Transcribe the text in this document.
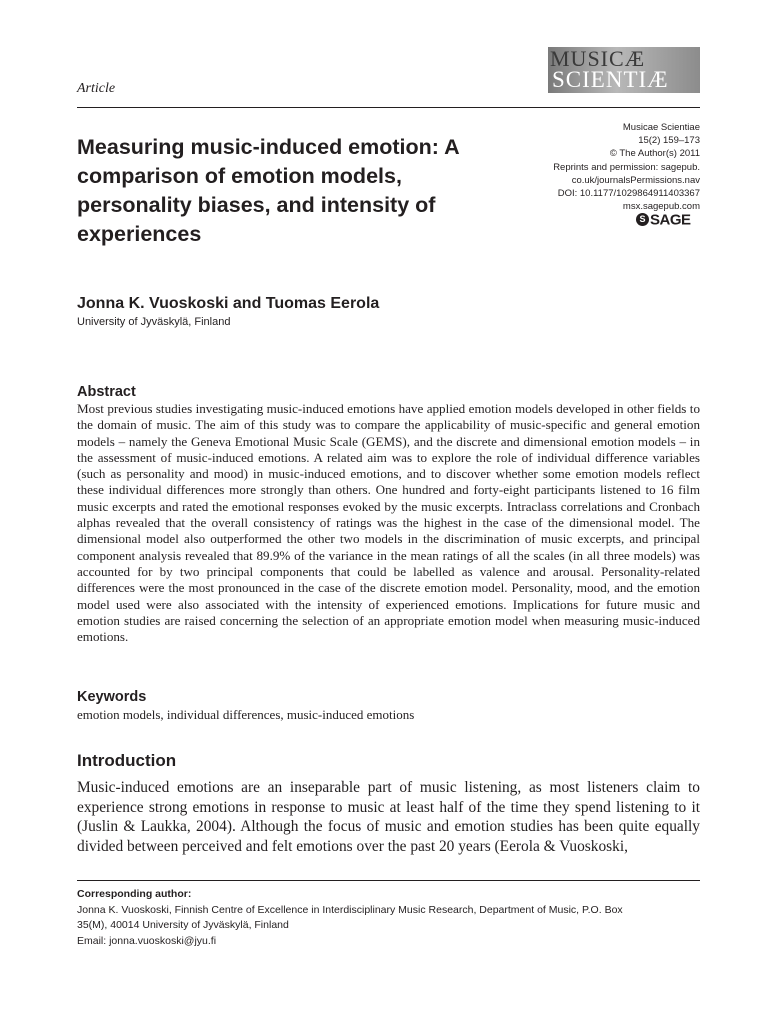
Article
MUSICÆ
SCIENTIÆ
Measuring music-induced emotion: A comparison of emotion models, personality biases, and intensity of experiences
Musicae Scientiae
15(2) 159–173
© The Author(s) 2011
Reprints and permission: sagepub.
co.uk/journalsPermissions.nav
DOI: 10.1177/1029864911403367
msx.sagepub.com
S SAGE
Jonna K. Vuoskoski and Tuomas Eerola
University of Jyväskylä, Finland
Abstract

Most previous studies investigating music-induced emotions have applied emotion models developed in other fields to the domain of music. The aim of this study was to compare the applicability of music-specific and general emotion models – namely the Geneva Emotional Music Scale (GEMS), and the discrete and dimensional emotion models – in the assessment of music-induced emotions. A related aim was to explore the role of individual difference variables (such as personality and mood) in music-induced emotions, and to discover whether some emotion models reflect these individual differences more strongly than others. One hundred and forty-eight participants listened to 16 film music excerpts and rated the emotional responses evoked by the music excerpts. Intraclass correlations and Cronbach alphas revealed that the overall consistency of ratings was the highest in the case of the dimensional model. The dimensional model also outperformed the other two models in the discrimination of music excerpts, and principal component analysis revealed that 89.9% of the variance in the mean ratings of all the scales (in all three models) was accounted for by two principal components that could be labelled as valence and arousal. Personality-related differences were the most pronounced in the case of the discrete emotion model. Personality, mood, and the emotion model used were also associated with the intensity of experienced emotions. Implications for future music and emotion studies are raised concerning the selection of an appropriate emotion model when measuring music-induced emotions.

Keywords
emotion models, individual differences, music-induced emotions
Introduction

Music-induced emotions are an inseparable part of music listening, as most listeners claim to experience strong emotions in response to music at least half of the time they spend listening to it (Juslin & Laukka, 2004). Although the focus of music and emotion studies has been quite equally divided between perceived and felt emotions over the past 20 years (Eerola & Vuoskoski,

Corresponding author:
Jonna K. Vuoskoski, Finnish Centre of Excellence in Interdisciplinary Music Research, Department of Music, P.O. Box
35(M), 40014 University of Jyväskylä, Finland
Email: jonna.vuoskoski@jyu.fi
